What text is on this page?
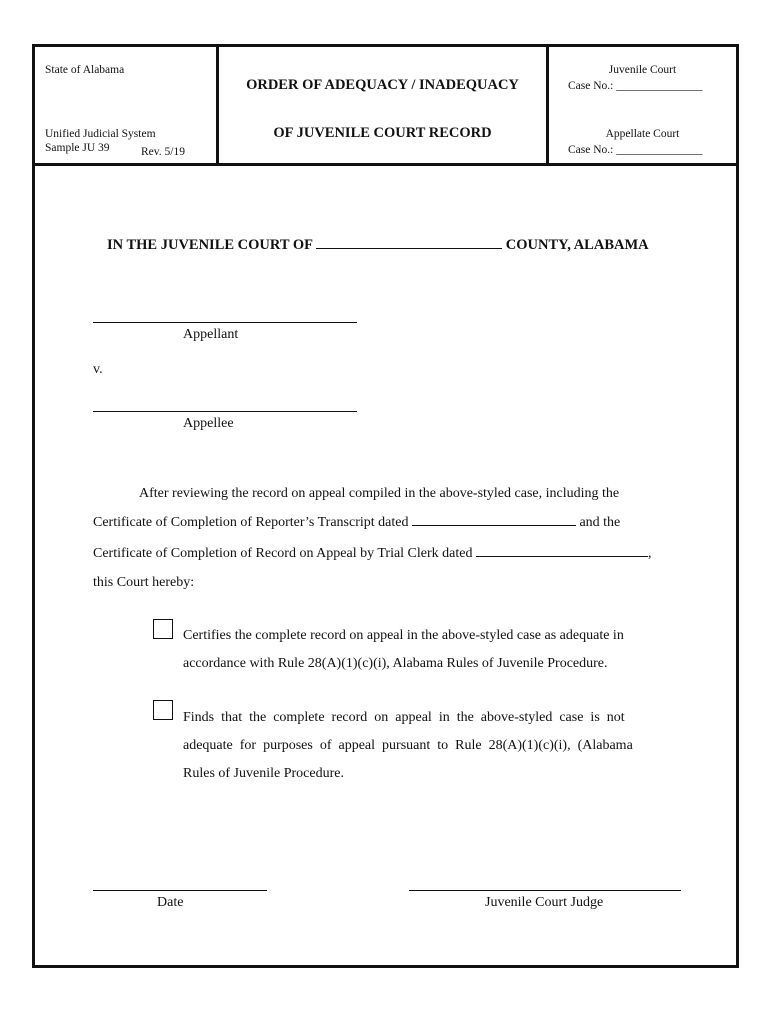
State of Alabama
Unified Judicial System
Sample JU 39	Rev. 5/19
ORDER OF ADEQUACY / INADEQUACY
OF JUVENILE COURT RECORD
Juvenile Court
Case No.: _______________
Appellate Court
Case No.: _______________
IN THE JUVENILE COURT OF	COUNTY, ALABAMA
Appellant
v.
Appellee
After reviewing the record on appeal compiled in the above-styled case, including the
Certificate of Completion of Reporter’s Transcript dated	and the
Certificate of Completion of Record on Appeal by Trial Clerk dated	,
this Court hereby:
Certifies the complete record on appeal in the above-styled case as adequate in
accordance with Rule 28(A)(1)(c)(i), Alabama Rules of Juvenile Procedure.
Finds  that  the  complete  record  on  appeal  in  the  above-styled  case  is  not
adequate  for  purposes  of  appeal  pursuant  to  Rule  28(A)(1)(c)(i),  (Alabama
Rules of Juvenile Procedure.
Date	Juvenile Court Judge
